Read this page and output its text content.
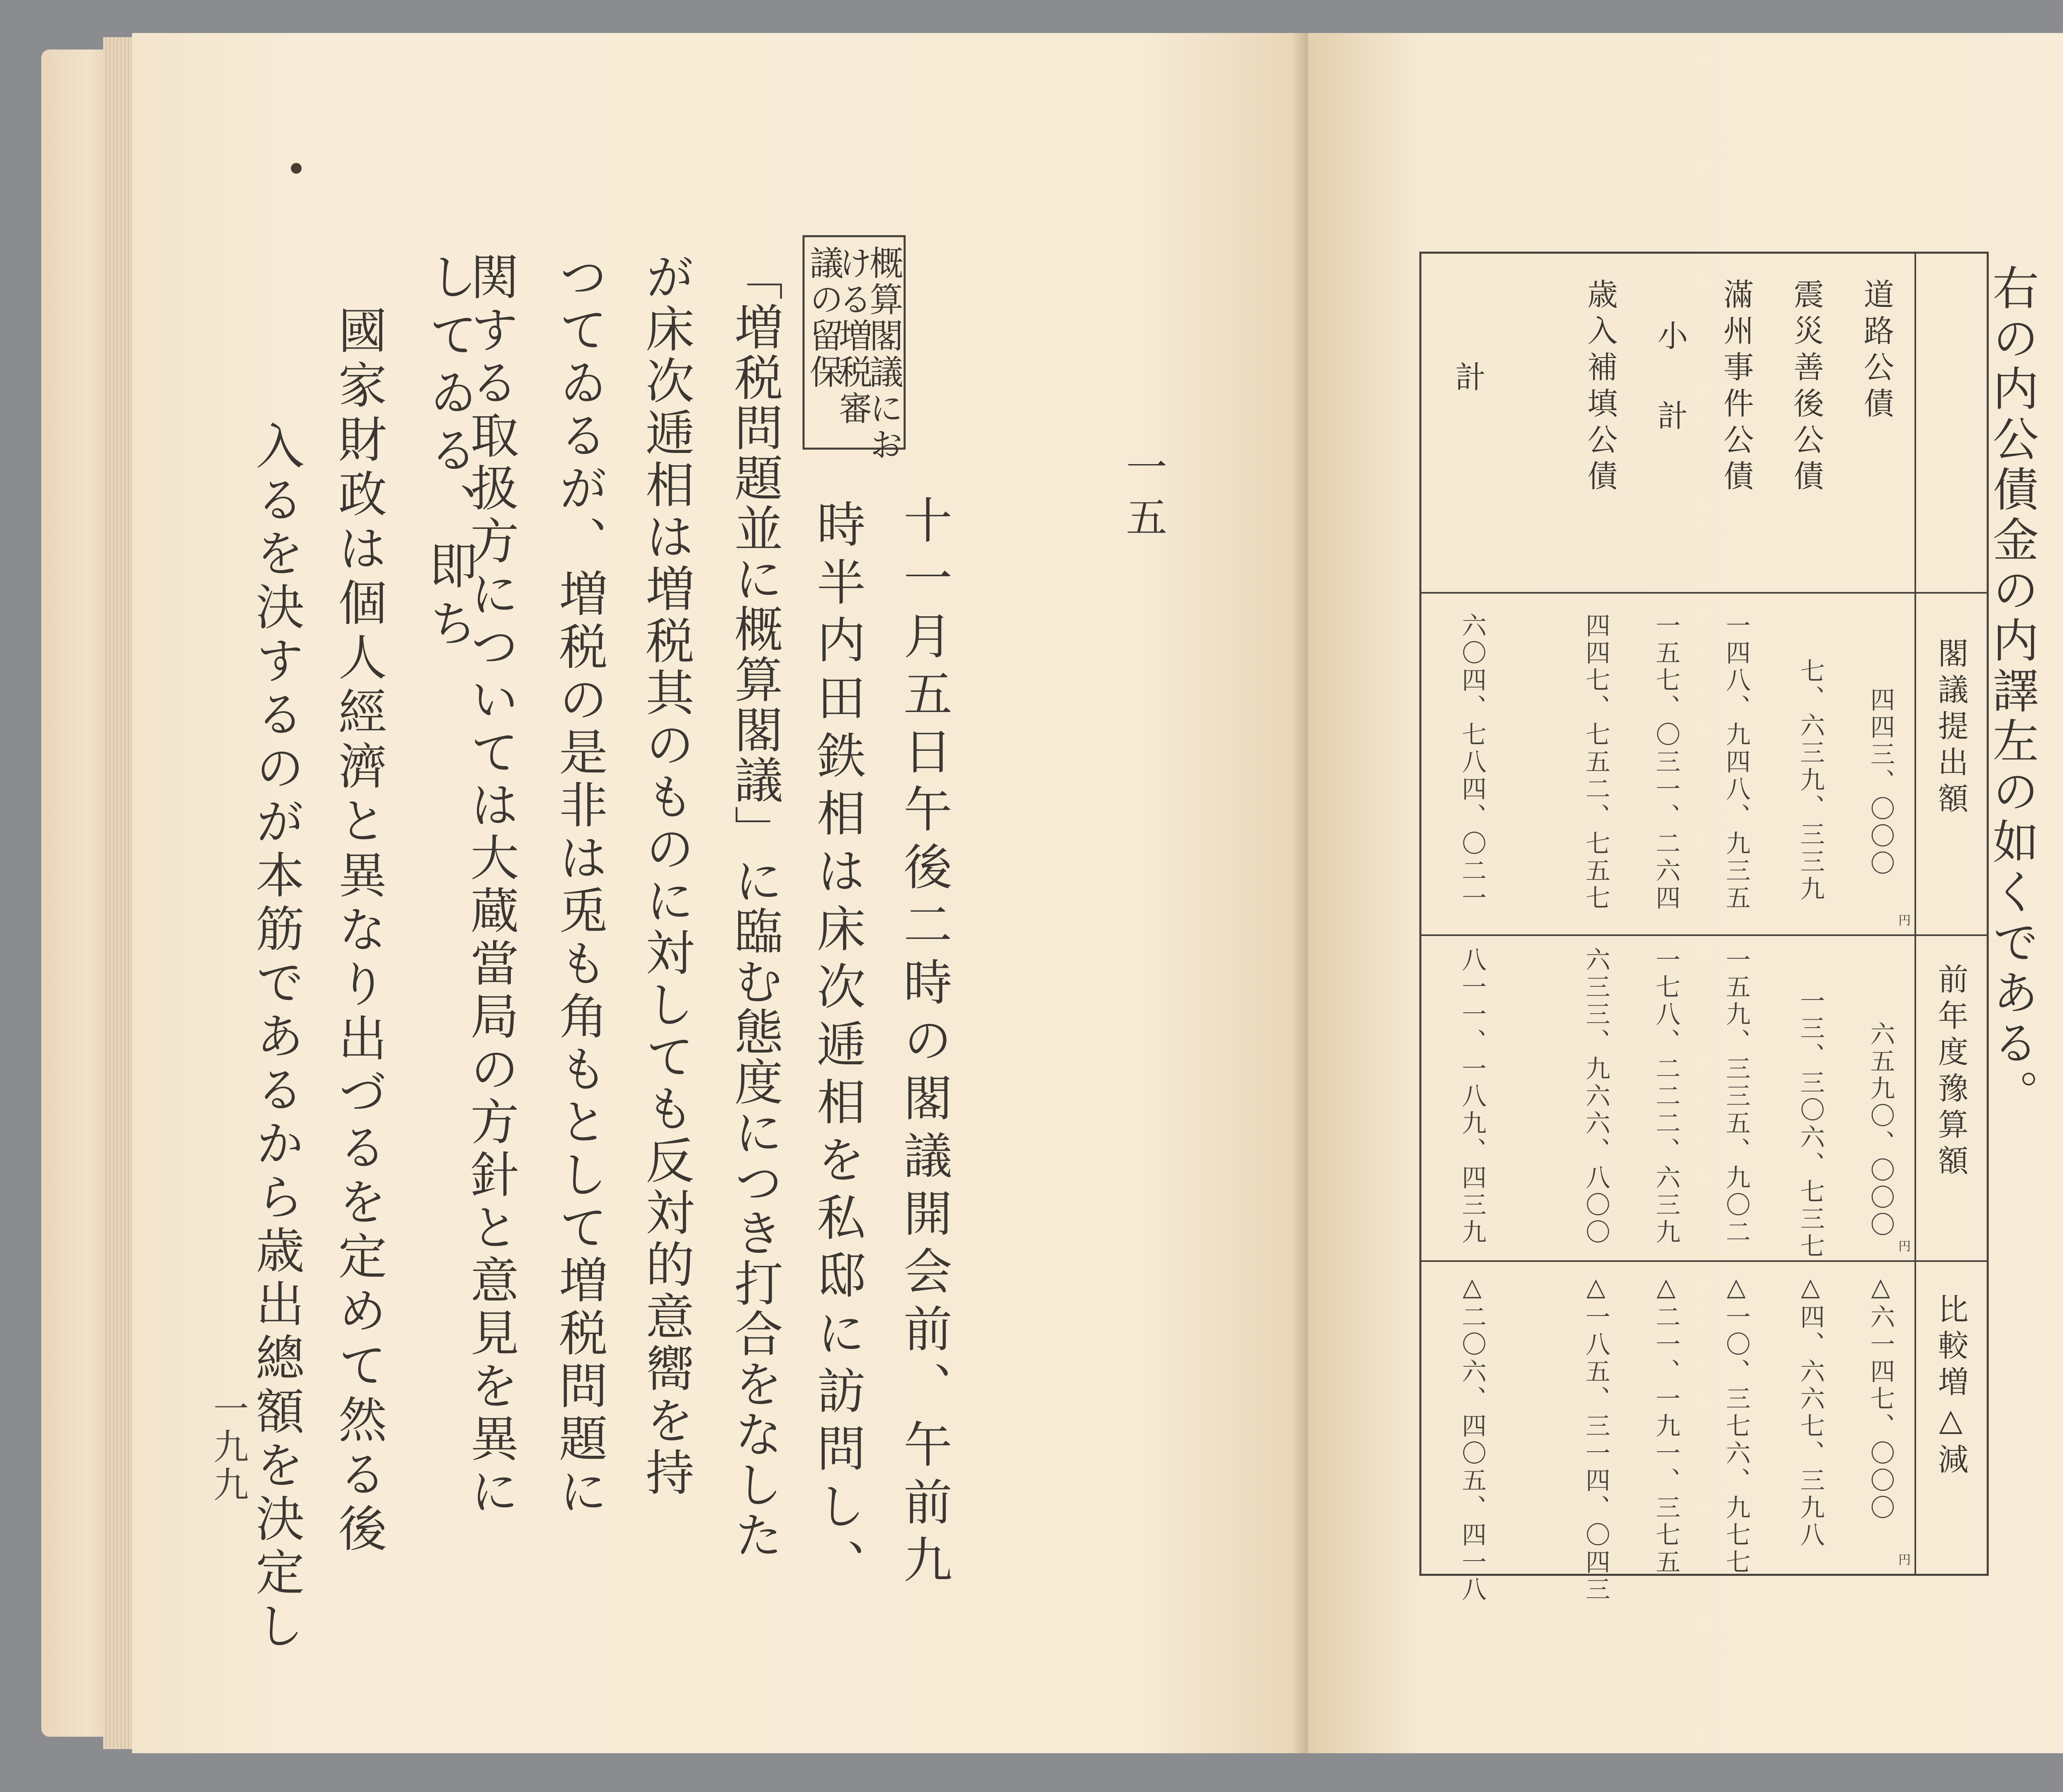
一五
概算閣議にお
ける増税審
議の留保
十一月五日午後二時の閣議開会前、午前九
時半内田鉄相は床次逓相を私邸に訪問し、
「増税問題並に概算閣議」に臨む態度につき打合をなした
が床次逓相は増税其のものに対しても反対的意嚮を持
つてゐるが、増税の是非は兎も角もとして増税問題に
関する取扱方については大蔵當局の方針と意見を異に
してゐる、即ち
國家財政は個人經濟と異なり出づるを定めて然る後
入るを決するのが本筋であるから歳出總額を決定し
一九九
右の内公債金の内譯左の如くである。
道路公債
震災善後公債
滿州事件公債
小計
歳入補填公債
計
閣議提出額
前年度豫算額
比較増△減
四四三、〇〇〇
七、六三九、三三九
一四八、九四八、九三五
一五七、〇三一、二六四
四四七、七五二、七五七
六〇四、七八四、〇二一
円
六五九〇、〇〇〇
一三、三〇六、七三七
一五九、三三五、九〇二
一七八、二二二、六三九
六三三、九六六、八〇〇
八一一、一八九、四三九	円
△六一四七、〇〇〇
△四、六六七、三九八
△一〇、三七六、九七七
△二一、一九一、三七五
△一八五、三一四、〇四三
△二〇六、四〇五、四一八	円
